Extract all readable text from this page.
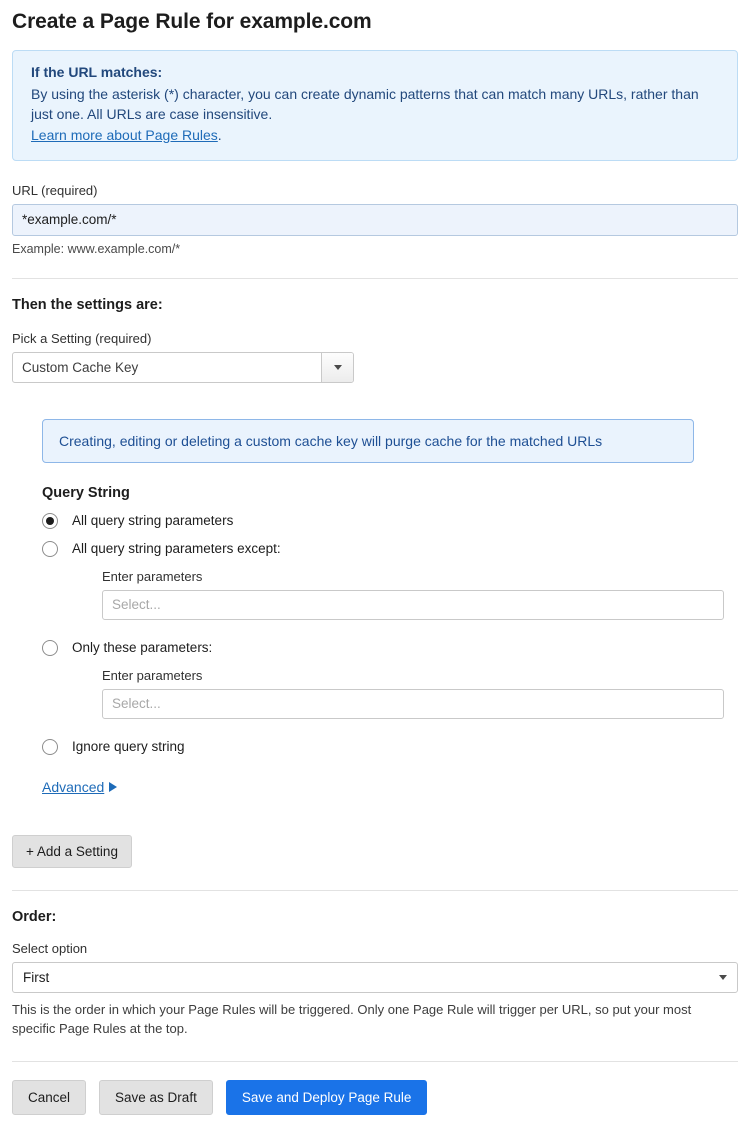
Create a Page Rule for example.com
If the URL matches:
By using the asterisk (*) character, you can create dynamic patterns that can match many URLs, rather than just one. All URLs are case insensitive.
Learn more about Page Rules.
URL (required)
*example.com/*
Example: www.example.com/*
Then the settings are:
Pick a Setting (required)
Custom Cache Key
Creating, editing or deleting a custom cache key will purge cache for the matched URLs
Query String
All query string parameters
All query string parameters except:
Enter parameters
Select...
Only these parameters:
Enter parameters
Select...
Ignore query string
Advanced
+ Add a Setting
Order:
Select option
First
This is the order in which your Page Rules will be triggered. Only one Page Rule will trigger per URL, so put your most specific Page Rules at the top.
Cancel	Save as Draft	Save and Deploy Page Rule
